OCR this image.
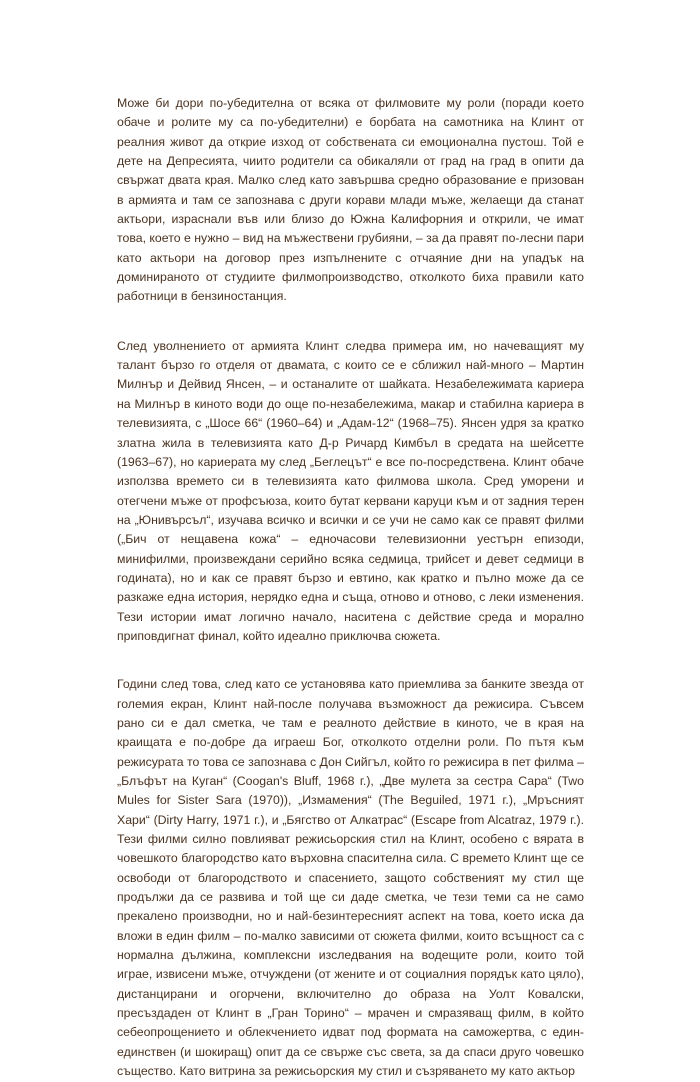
Може би дори по-убедителна от всяка от филмовите му роли (поради което обаче и ролите му са по-убедителни) е борбата на самотника на Клинт от реалния живот да открие изход от собствената си емоционална пустош. Той е дете на Депресията, чиито родители са обикаляли от град на град в опити да свържат двата края. Малко след като завършва средно образование е призован в армията и там се запознава с други корави млади мъже, желаещи да станат актьори, израснали във или близо до Южна Калифорния и открили, че имат това, което е нужно – вид на мъжествени грубияни, – за да правят по-лесни пари като актьори на договор през изпълнените с отчаяние дни на упадък на доминираното от студиите филмопроизводство, отколкото биха правили като работници в бензиностанция.

След уволнението от армията Клинт следва примера им, но начеващият му талант бързо го отделя от двамата, с които се е сближил най-много – Мартин Милнър и Дейвид Янсен, – и останалите от шайката. Незабележимата кариера на Милнър в киното води до още по-незабележима, макар и стабилна кариера в телевизията, с „Шосе 66“ (1960–64) и „Адам-12“ (1968–75). Янсен удря за кратко златна жила в телевизията като Д-р Ричард Кимбъл в средата на шейсетте (1963–67), но кариерата му след „Беглецът“ е все по-посредствена. Клинт обаче използва времето си в телевизията като филмова школа. Сред уморени и отегчени мъже от профсъюза, които бутат кервани каруци към и от задния терен на „Юнивърсъл“, изучава всичко и всички и се учи не само как се правят филми („Бич от нещавена кожа“ – едночасови телевизионни уестърн епизоди, минифилми, произвеждани серийно всяка седмица, трийсет и девет седмици в годината), но и как се правят бързо и евтино, как кратко и пълно може да се разкаже една история, нерядко една и съща, отново и отново, с леки изменения. Тези истории имат логично начало, наситена с действие среда и морално приповдигнат финал, който идеално приключва сюжета.

Години след това, след като се установява като приемлива за банките звезда от големия екран, Клинт най-после получава възможност да режисира. Съвсем рано си е дал сметка, че там е реалното действие в киното, че в края на краищата е по-добре да играеш Бог, отколкото отделни роли. По пътя към режисурата то това се запознава с Дон Сийгъл, който го режисира в пет филма – „Блъфът на Куган“ (Coogan's Bluff, 1968 г.), „Две мулета за сестра Сара“ (Two Mules for Sister Sara (1970)), „Измамения“ (The Beguiled, 1971 г.), „Мръсният Хари“ (Dirty Harry, 1971 г.), и „Бягство от Алкатрас“ (Escape from Alcatraz, 1979 г.). Тези филми силно повлияват режисьорския стил на Клинт, особено с вярата в човешкото благородство като върховна спасителна сила. С времето Клинт ще се освободи от благородството и спасението, защото собственият му стил ще продължи да се развива и той ще си даде сметка, че тези теми са не само прекалено производни, но и най-безинтересният аспект на това, което иска да вложи в един филм – по-малко зависими от сюжета филми, които всъщност са с нормална дължина, комплексни изследвания на водещите роли, които той играе, извисени мъже, отчуждени (от жените и от социалния порядък като цяло), дистанцирани и огорчени, включително до образа на Уолт Ковалски, пресъздаден от Клинт в „Гран Торино“ – мрачен и смразяващ филм, в който себеопрощението и облекчението идват под формата на саможертва, с един-единствен (и шокиращ) опит да се свърже със света, за да спаси друго човешко същество. Като витрина за режисьорския му стил и съзряването му като актьор
